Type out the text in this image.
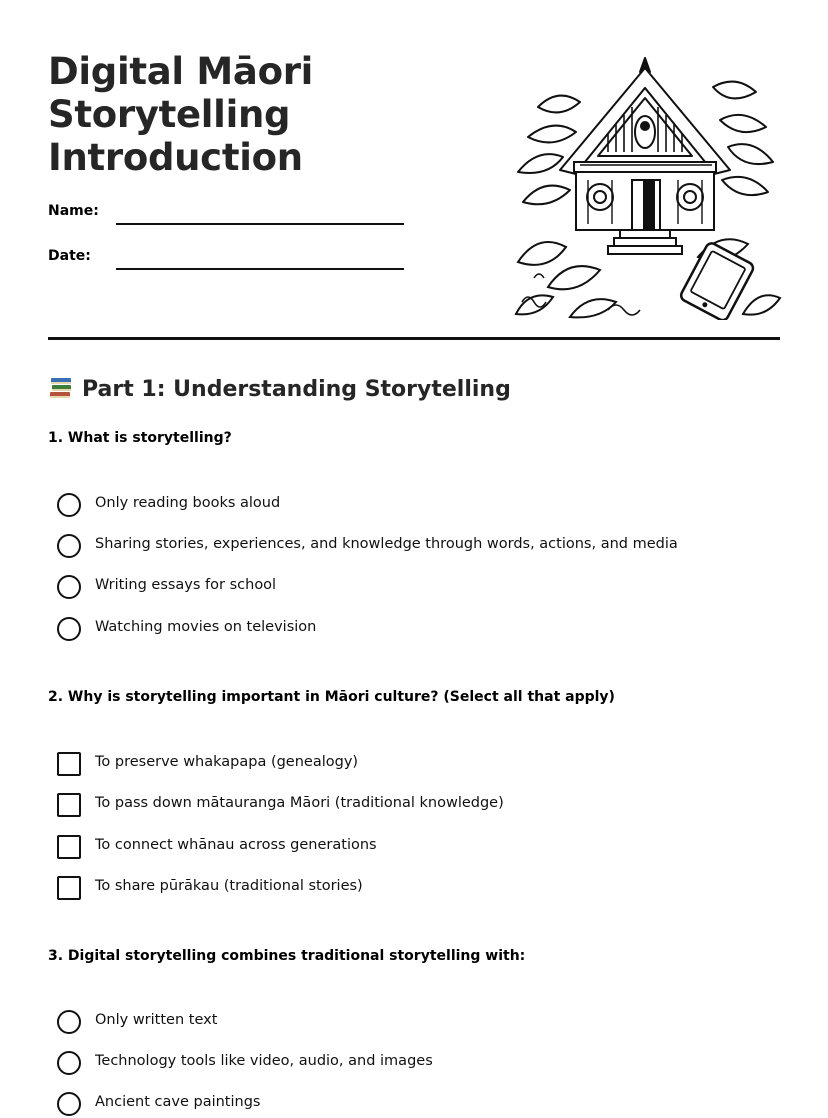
Digital Māori
Storytelling
Introduction
Name:
Date:
Part 1: Understanding Storytelling
1. What is storytelling?
Only reading books aloud
Sharing stories, experiences, and knowledge through words, actions, and media
Writing essays for school
Watching movies on television
2. Why is storytelling important in Māori culture? (Select all that apply)
To preserve whakapapa (genealogy)
To pass down mātauranga Māori (traditional knowledge)
To connect whānau across generations
To share pūrākau (traditional stories)
3. Digital storytelling combines traditional storytelling with:
Only written text
Technology tools like video, audio, and images
Ancient cave paintings
